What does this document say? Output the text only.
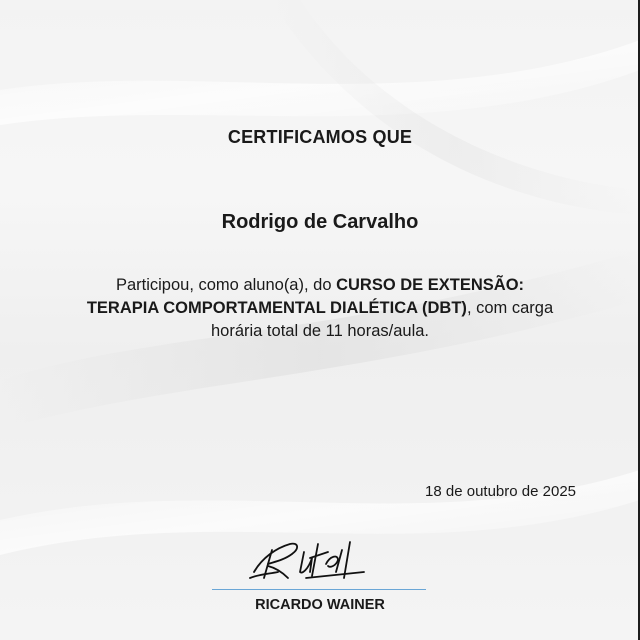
CERTIFICAMOS QUE
Rodrigo de Carvalho
Participou, como aluno(a), do CURSO DE EXTENSÃO:
TERAPIA COMPORTAMENTAL DIALÉTICA (DBT), com carga
horária total de 11 horas/aula.
18 de outubro de 2025
RICARDO WAINER
